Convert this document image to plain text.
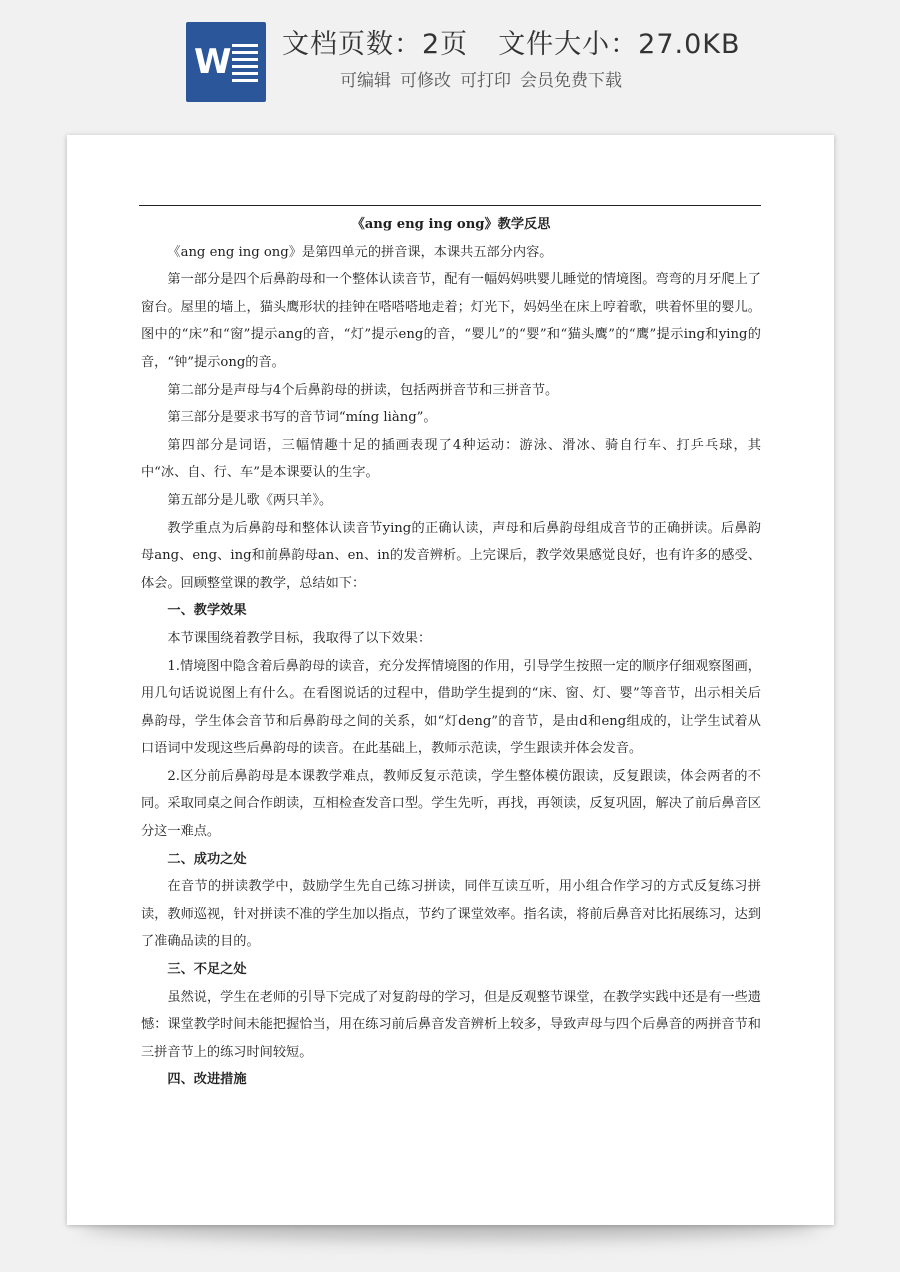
W 文档页数：2页 文件大小：27.0KB
可编辑 可修改 可打印 会员免费下载

《ang eng ing ong》教学反思

《ang eng ing ong》是第四单元的拼音课，本课共五部分内容。

第一部分是四个后鼻韵母和一个整体认读音节，配有一幅妈妈哄婴儿睡觉的情境图。弯弯的月牙爬上了窗台。屋里的墙上，猫头鹰形状的挂钟在嗒嗒嗒地走着；灯光下，妈妈坐在床上哼着歌，哄着怀里的婴儿。图中的“床”和“窗”提示ang的音，“灯”提示eng的音，“婴儿”的“婴”和“猫头鹰”的“鹰”提示ing和ying的音，“钟”提示ong的音。

第二部分是声母与4个后鼻韵母的拼读，包括两拼音节和三拼音节。

第三部分是要求书写的音节词“míng liàng”。

第四部分是词语，三幅情趣十足的插画表现了4种运动：游泳、滑冰、骑自行车、打乒乓球，其中“冰、自、行、车”是本课要认的生字。

第五部分是儿歌《两只羊》。

教学重点为后鼻韵母和整体认读音节ying的正确认读，声母和后鼻韵母组成音节的正确拼读。后鼻韵母ang、eng、ing和前鼻韵母an、en、in的发音辨析。上完课后，教学效果感觉良好，也有许多的感受、体会。回顾整堂课的教学，总结如下：

一、教学效果

本节课围绕着教学目标，我取得了以下效果：

1.情境图中隐含着后鼻韵母的读音，充分发挥情境图的作用，引导学生按照一定的顺序仔细观察图画，用几句话说说图上有什么。在看图说话的过程中，借助学生提到的“床、窗、灯、婴”等音节，出示相关后鼻韵母，学生体会音节和后鼻韵母之间的关系，如“灯deng”的音节，是由d和eng组成的，让学生试着从口语词中发现这些后鼻韵母的读音。在此基础上，教师示范读，学生跟读并体会发音。

2.区分前后鼻韵母是本课教学难点，教师反复示范读，学生整体模仿跟读，反复跟读，体会两者的不同。采取同桌之间合作朗读，互相检查发音口型。学生先听，再找，再领读，反复巩固，解决了前后鼻音区分这一难点。

二、成功之处

在音节的拼读教学中，鼓励学生先自己练习拼读，同伴互读互听，用小组合作学习的方式反复练习拼读，教师巡视，针对拼读不准的学生加以指点，节约了课堂效率。指名读，将前后鼻音对比拓展练习，达到了准确品读的目的。

三、不足之处

虽然说，学生在老师的引导下完成了对复韵母的学习，但是反观整节课堂，在教学实践中还是有一些遗憾：课堂教学时间未能把握恰当，用在练习前后鼻音发音辨析上较多，导致声母与四个后鼻音的两拼音节和三拼音节上的练习时间较短。

四、改进措施
